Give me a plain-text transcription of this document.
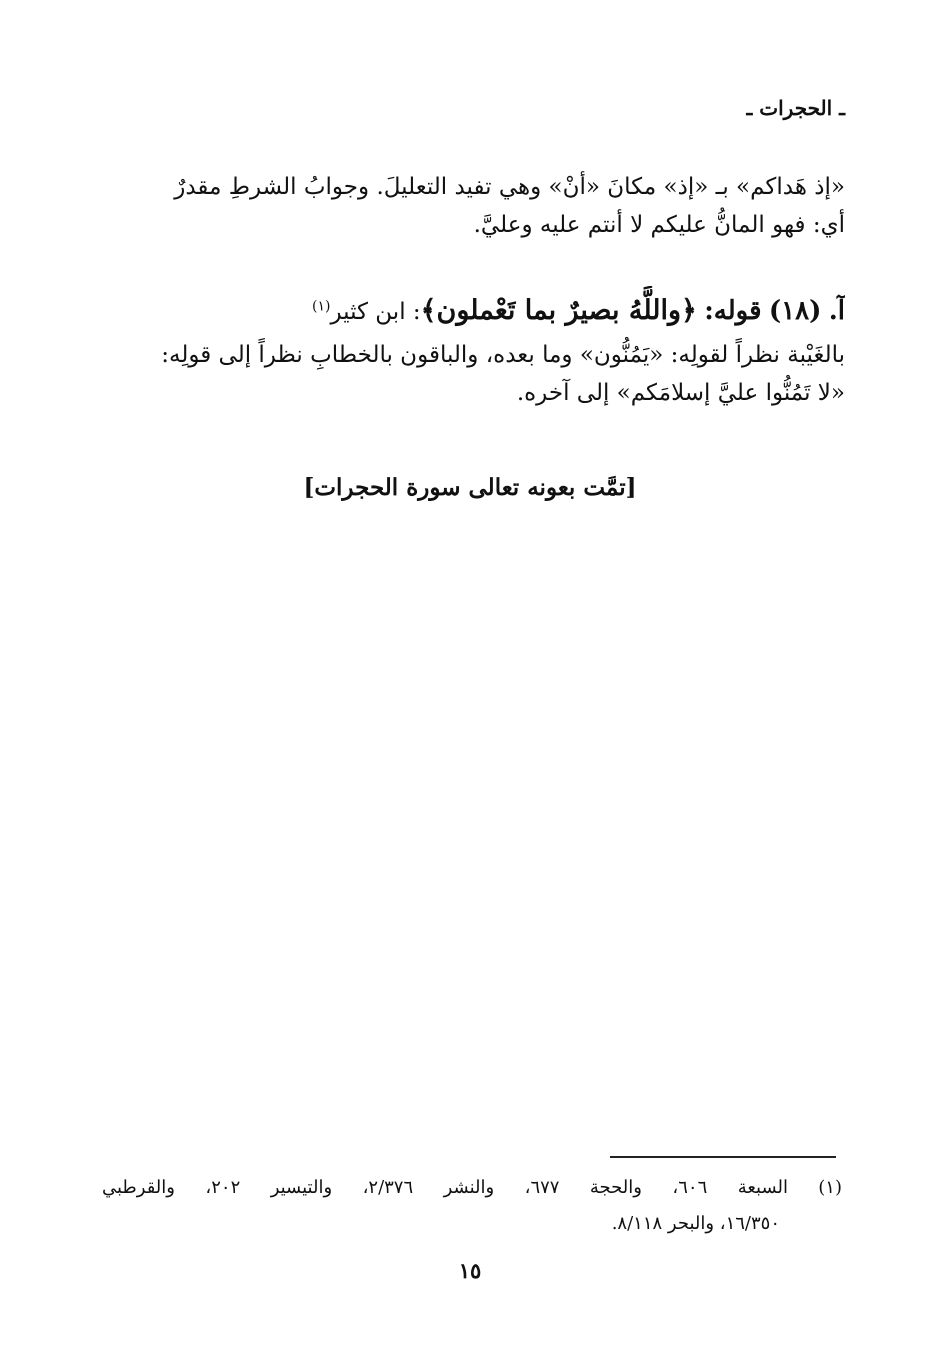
ـ الحجرات ـ
«إذ هَداكم» بـ «إذ» مكانَ «أنْ» وهي تفيد التعليلَ. وجوابُ الشرطِ مقدرٌ
أي: فهو المانُّ عليكم لا أنتم عليه وعليَّ.
آ. (١٨) قوله: ﴿واللَّهُ بصيرٌ بما تَعْملون﴾: ابن كثير$^{(١)}$
بالغَيْبة نظراً لقولِه: «يَمُنُّون» وما بعده، والباقون بالخطابِ نظراً إلى قولِه:
«لا تَمُنُّوا عليَّ إسلامَكم» إلى آخره.
[تمَّت بعونه تعالى سورة الحجرات]
(١)السبعة ٦٠٦، والحجة ٦٧٧، والنشر ٢/٣٧٦، والتيسير ٢٠٢، والقرطبي
١٦/٣٥٠، والبحر ٨/١١٨.
١٥
